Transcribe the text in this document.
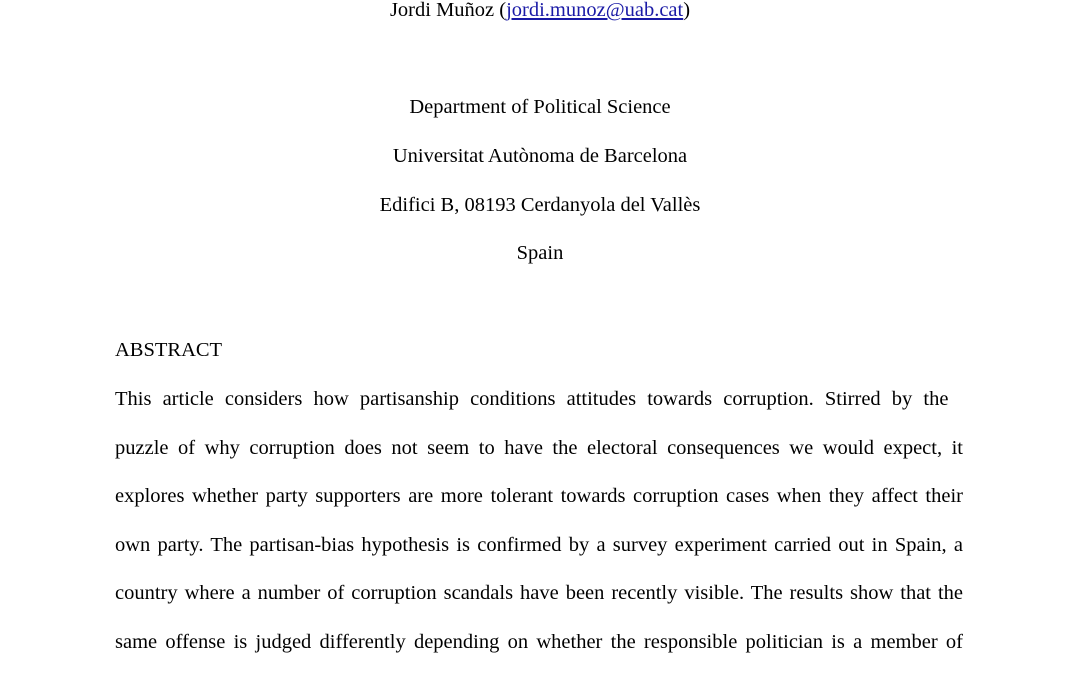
Jordi Muñoz (jordi.munoz@uab.cat)
Department of Political Science
Universitat Autònoma de Barcelona
Edifici B, 08193 Cerdanyola del Vallès
Spain
ABSTRACT
This article considers how partisanship conditions attitudes towards corruption. Stirred by the
puzzle of why corruption does not seem to have the electoral consequences we would expect, it
explores whether party supporters are more tolerant towards corruption cases when they affect their
own party. The partisan-bias hypothesis is confirmed by a survey experiment carried out in Spain, a
country where a number of corruption scandals have been recently visible. The results show that the
same offense is judged differently depending on whether the responsible politician is a member of
